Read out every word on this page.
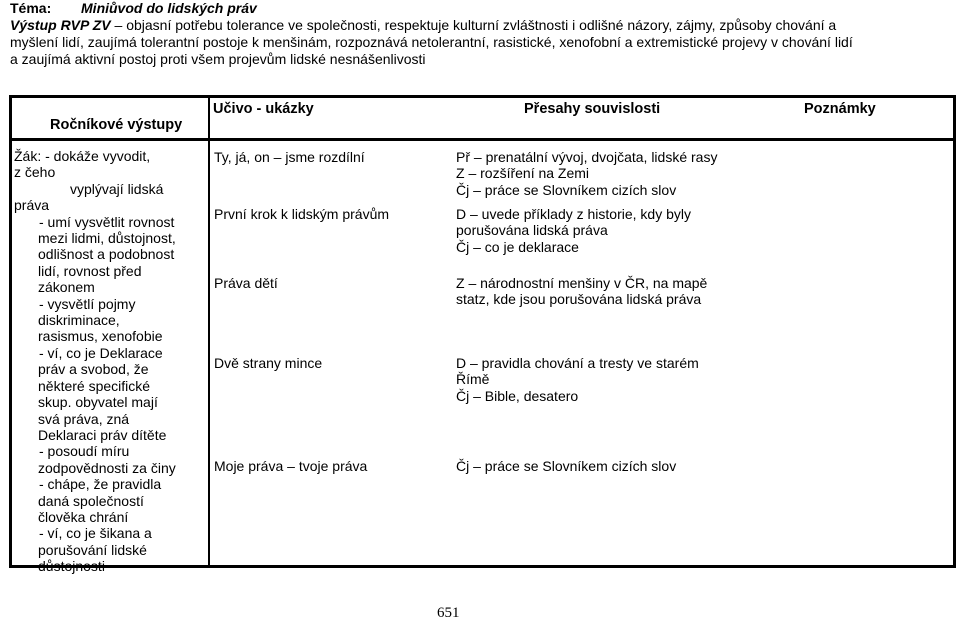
Téma: Miniůvod do lidských práv
Výstup RVP ZV – objasní potřebu tolerance ve společnosti, respektuje kulturní zvláštnosti i odlišné názory, zájmy, způsoby chování a
myšlení lidí, zaujímá tolerantní postoje k menšinám, rozpoznává netolerantní, rasistické, xenofobní a extremistické projevy v chování lidí
a zaujímá aktivní postoj proti všem projevům lidské nesnášenlivosti
Ročníkové výstupy
Učivo - ukázky	Přesahy souvislosti	Poznámky
Žák: - dokáže vyvodit,
z čeho
vyplývají lidská
práva
- umí vysvětlit rovnost
mezi lidmi, důstojnost,
odlišnost a podobnost
lidí, rovnost před
zákonem
- vysvětlí pojmy
diskriminace,
rasismus, xenofobie
- ví, co je Deklarace
práv a svobod, že
některé specifické
skup. obyvatel mají
svá práva, zná
Deklaraci práv dítěte
- posoudí míru
zodpovědnosti za činy
- chápe, že pravidla
daná společností
člověka chrání
- ví, co je šikana a
porušování lidské
důstojnosti
Ty, já, on – jsme rozdílní
První krok k lidským právům
Práva dětí
Dvě strany mince
Moje práva – tvoje práva
Př – prenatální vývoj, dvojčata, lidské rasy
Z – rozšíření na Zemi
Čj – práce se Slovníkem cizích slov
D – uvede příklady z historie, kdy byly
porušována lidská práva
Čj – co je deklarace
Z – národnostní menšiny v ČR, na mapě
statz, kde jsou porušována lidská práva
D – pravidla chování a tresty ve starém
Římě
Čj – Bible, desatero
Čj – práce se Slovníkem cizích slov
651
